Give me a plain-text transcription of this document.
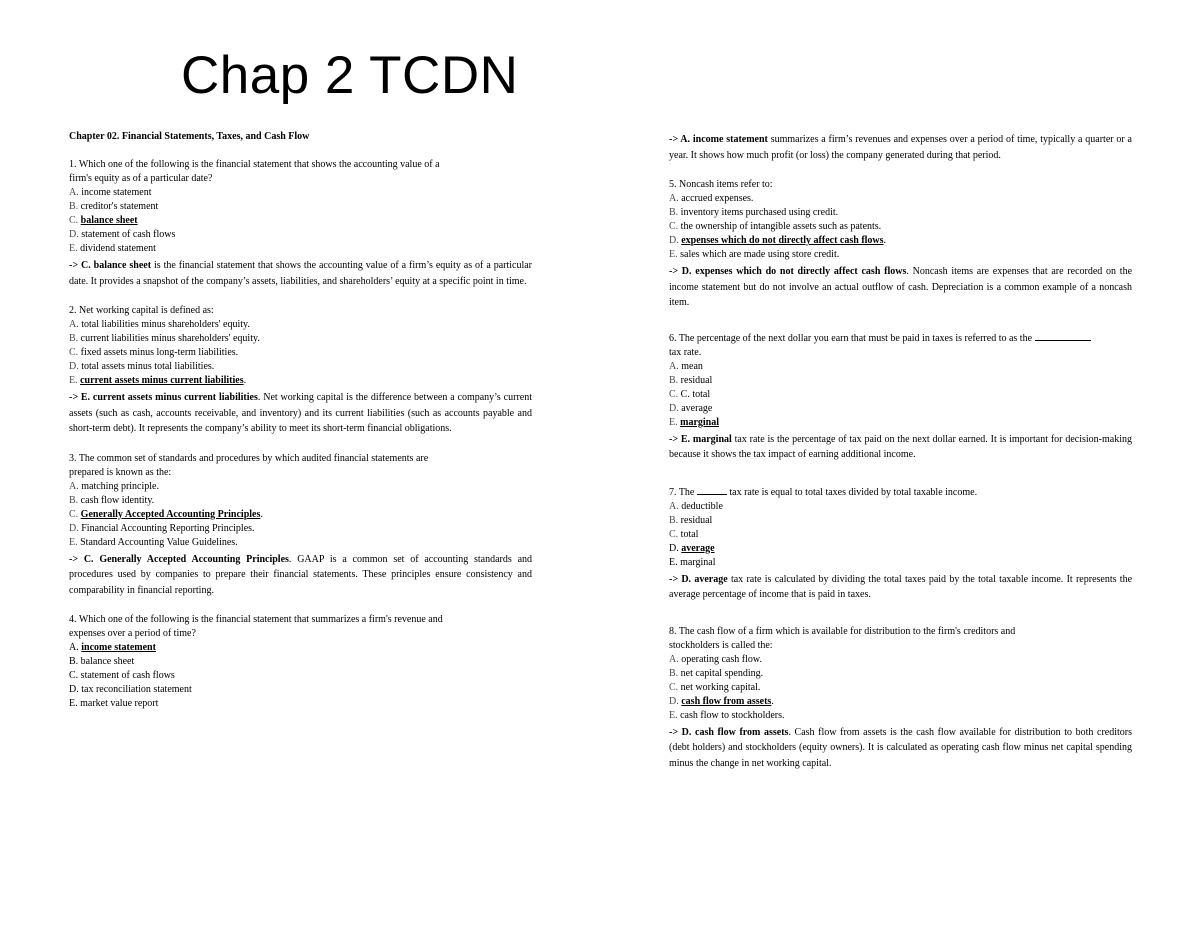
Chap 2 TCDN
Chapter 02. Financial Statements, Taxes, and Cash Flow
1. Which one of the following is the financial statement that shows the accounting value of a
firm's equity as of a particular date?
A. income statement
B. creditor's statement
C. balance sheet
D. statement of cash flows
E. dividend statement
-> C. balance sheet is the financial statement that shows the accounting value of a firm’s equity as of a particular date. It provides a snapshot of the company’s assets, liabilities, and shareholders’ equity at a specific point in time.
2. Net working capital is defined as:
A. total liabilities minus shareholders' equity.
B. current liabilities minus shareholders' equity.
C. fixed assets minus long-term liabilities.
D. total assets minus total liabilities.
E. current assets minus current liabilities.
-> E. current assets minus current liabilities. Net working capital is the difference between a company’s current assets (such as cash, accounts receivable, and inventory) and its current liabilities (such as accounts payable and short-term debt). It represents the company’s ability to meet its short-term financial obligations.
3. The common set of standards and procedures by which audited financial statements are
prepared is known as the:
A. matching principle.
B. cash flow identity.
C. Generally Accepted Accounting Principles.
D. Financial Accounting Reporting Principles.
E. Standard Accounting Value Guidelines.
-> C. Generally Accepted Accounting Principles. GAAP is a common set of accounting standards and procedures used by companies to prepare their financial statements. These principles ensure consistency and comparability in financial reporting.
4. Which one of the following is the financial statement that summarizes a firm's revenue and
expenses over a period of time?
A. income statement
B. balance sheet
C. statement of cash flows
D. tax reconciliation statement
E. market value report
-> A. income statement summarizes a firm’s revenues and expenses over a period of time, typically a quarter or a year. It shows how much profit (or loss) the company generated during that period.
5. Noncash items refer to:
A. accrued expenses.
B. inventory items purchased using credit.
C. the ownership of intangible assets such as patents.
D. expenses which do not directly affect cash flows.
E. sales which are made using store credit.
-> D. expenses which do not directly affect cash flows. Noncash items are expenses that are recorded on the income statement but do not involve an actual outflow of cash. Depreciation is a common example of a noncash item.
6. The percentage of the next dollar you earn that must be paid in taxes is referred to as the
tax rate.
A. mean
B. residual
C. C. total
D. average
E. marginal
-> E. marginal tax rate is the percentage of tax paid on the next dollar earned. It is important for decision-making because it shows the tax impact of earning additional income.
7. The	tax rate is equal to total taxes divided by total taxable income.
A. deductible
B. residual
C. total
D. average
E. marginal
-> D. average tax rate is calculated by dividing the total taxes paid by the total taxable income. It represents the average percentage of income that is paid in taxes.
8. The cash flow of a firm which is available for distribution to the firm's creditors and
stockholders is called the:
A. operating cash flow.
B. net capital spending.
C. net working capital.
D. cash flow from assets.
E. cash flow to stockholders.
-> D. cash flow from assets. Cash flow from assets is the cash flow available for distribution to both creditors (debt holders) and stockholders (equity owners). It is calculated as operating cash flow minus net capital spending minus the change in net working capital.
